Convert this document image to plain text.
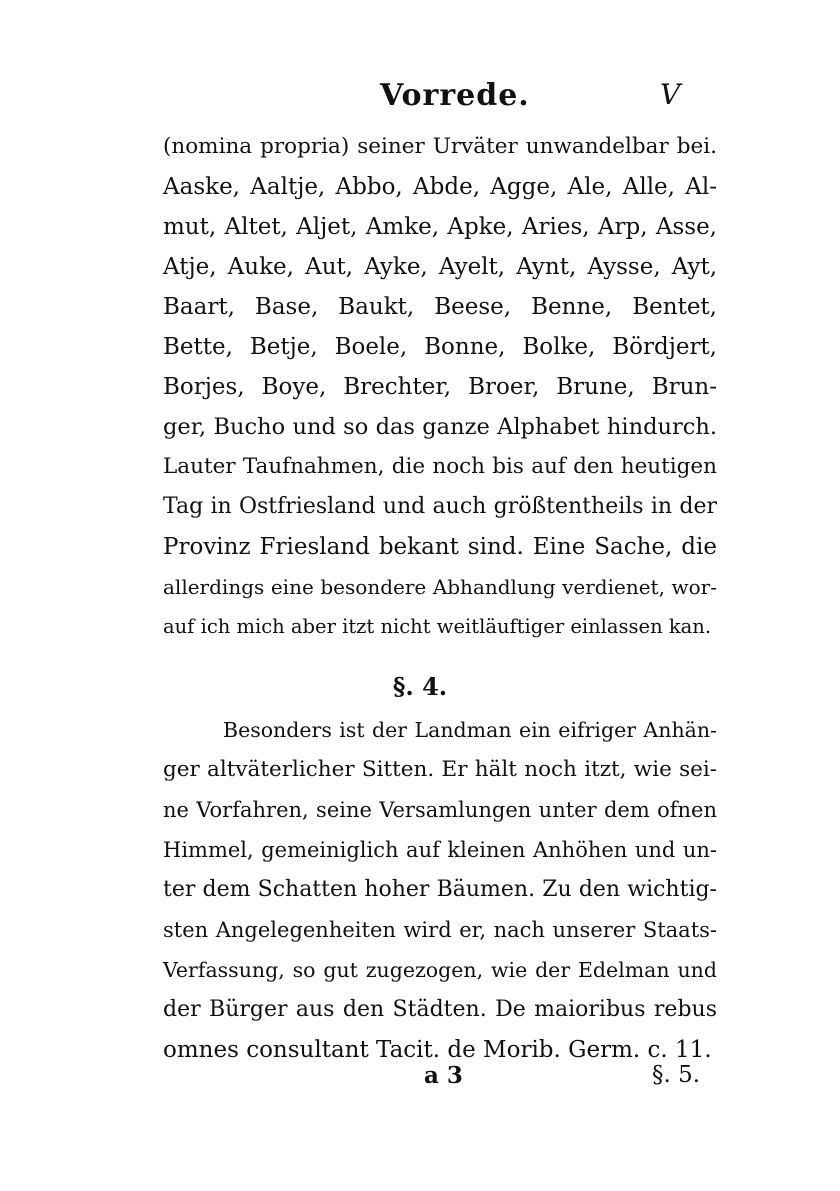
Vorrede.	V
(nomina propria) seiner Urväter unwandelbar bei.
Aaske, Aaltje, Abbo, Abde, Agge, Ale, Alle, Al-
mut, Altet, Aljet, Amke, Apke, Aries, Arp, Asse,
Atje, Auke, Aut, Ayke, Ayelt, Aynt, Aysse, Ayt,
Baart, Base, Baukt, Beese, Benne, Bentet,
Bette, Betje, Boele, Bonne, Bolke, Bördjert,
Borjes, Boye, Brechter, Broer, Brune, Brun-
ger, Bucho und so das ganze Alphabet hindurch.
Lauter Taufnahmen, die noch bis auf den heutigen
Tag in Ostfriesland und auch größtentheils in der
Provinz Friesland bekant sind. Eine Sache, die
allerdings eine besondere Abhandlung verdienet, wor-
auf ich mich aber itzt nicht weitläuftiger einlassen kan.
§. 4.
Besonders ist der Landman ein eifriger Anhän-
ger altväterlicher Sitten. Er hält noch itzt, wie sei-
ne Vorfahren, seine Versamlungen unter dem ofnen
Himmel, gemeiniglich auf kleinen Anhöhen und un-
ter dem Schatten hoher Bäumen. Zu den wichtig-
sten Angelegenheiten wird er, nach unserer Staats-
Verfassung, so gut zugezogen, wie der Edelman und
der Bürger aus den Städten. De maioribus rebus
omnes consultant Tacit. de Morib. Germ. c. 11.
a 3	§. 5.
